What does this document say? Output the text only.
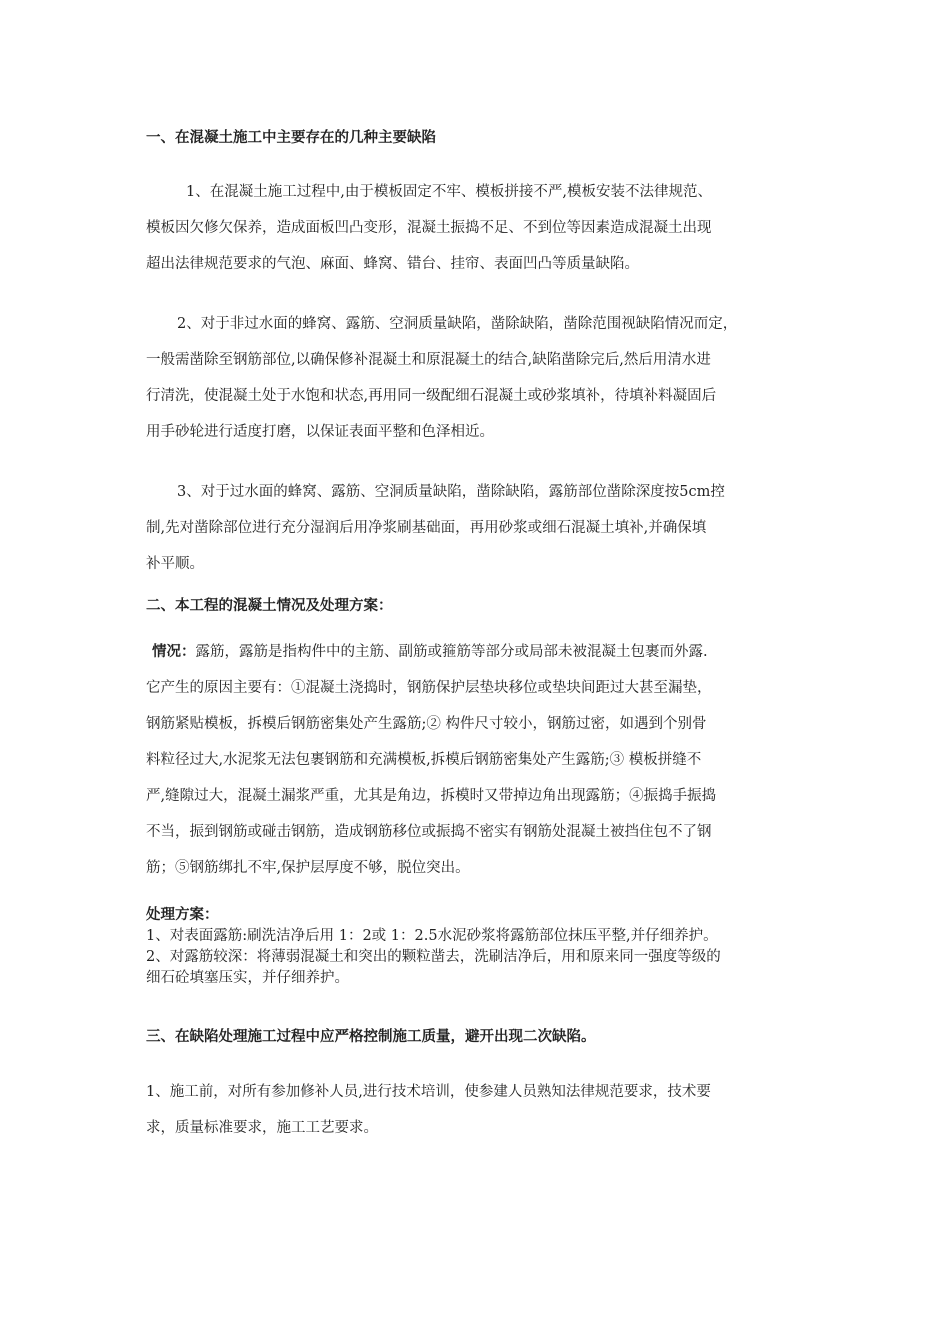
一、在混凝土施工中主要存在的几种主要缺陷
1、在混凝土施工过程中,由于模板固定不牢、模板拼接不严,模板安装不法律规范、
模板因欠修欠保养，造成面板凹凸变形，混凝土振捣不足、不到位等因素造成混凝土出现
超出法律规范要求的气泡、麻面、蜂窝、错台、挂帘、表面凹凸等质量缺陷。
2、对于非过水面的蜂窝、露筋、空洞质量缺陷，凿除缺陷，凿除范围视缺陷情况而定，
一般需凿除至钢筋部位,以确保修补混凝土和原混凝土的结合,缺陷凿除完后,然后用清水进
行清洗，使混凝土处于水饱和状态,再用同一级配细石混凝土或砂浆填补，待填补料凝固后
用手砂轮进行适度打磨，以保证表面平整和色泽相近。
3、对于过水面的蜂窝、露筋、空洞质量缺陷，凿除缺陷，露筋部位凿除深度按5cm控
制,先对凿除部位进行充分湿润后用净浆刷基础面，再用砂浆或细石混凝土填补,并确保填
补平顺。
二、本工程的混凝土情况及处理方案：
情况：露筋，露筋是指构件中的主筋、副筋或箍筋等部分或局部未被混凝土包裹而外露.
它产生的原因主要有：①混凝土浇捣时，钢筋保护层垫块移位或垫块间距过大甚至漏垫，
钢筋紧贴模板，拆模后钢筋密集处产生露筋;② 构件尺寸较小，钢筋过密，如遇到个别骨
料粒径过大,水泥浆无法包裹钢筋和充满模板,拆模后钢筋密集处产生露筋;③ 模板拼缝不
严,缝隙过大，混凝土漏浆严重，尤其是角边，拆模时又带掉边角出现露筋；④振捣手振捣
不当，振到钢筋或碰击钢筋，造成钢筋移位或振捣不密实有钢筋处混凝土被挡住包不了钢
筋；⑤钢筋绑扎不牢,保护层厚度不够，脱位突出。
处理方案：
1、对表面露筋:刷洗洁净后用 1：2或 1：2.5水泥砂浆将露筋部位抹压平整,并仔细养护。
2、对露筋较深：将薄弱混凝土和突出的颗粒凿去，洗刷洁净后，用和原来同一强度等级的
细石砼填塞压实，并仔细养护。
三、在缺陷处理施工过程中应严格控制施工质量，避开出现二次缺陷。
1、施工前，对所有参加修补人员,进行技术培训，使参建人员熟知法律规范要求，技术要
求，质量标准要求，施工工艺要求。
